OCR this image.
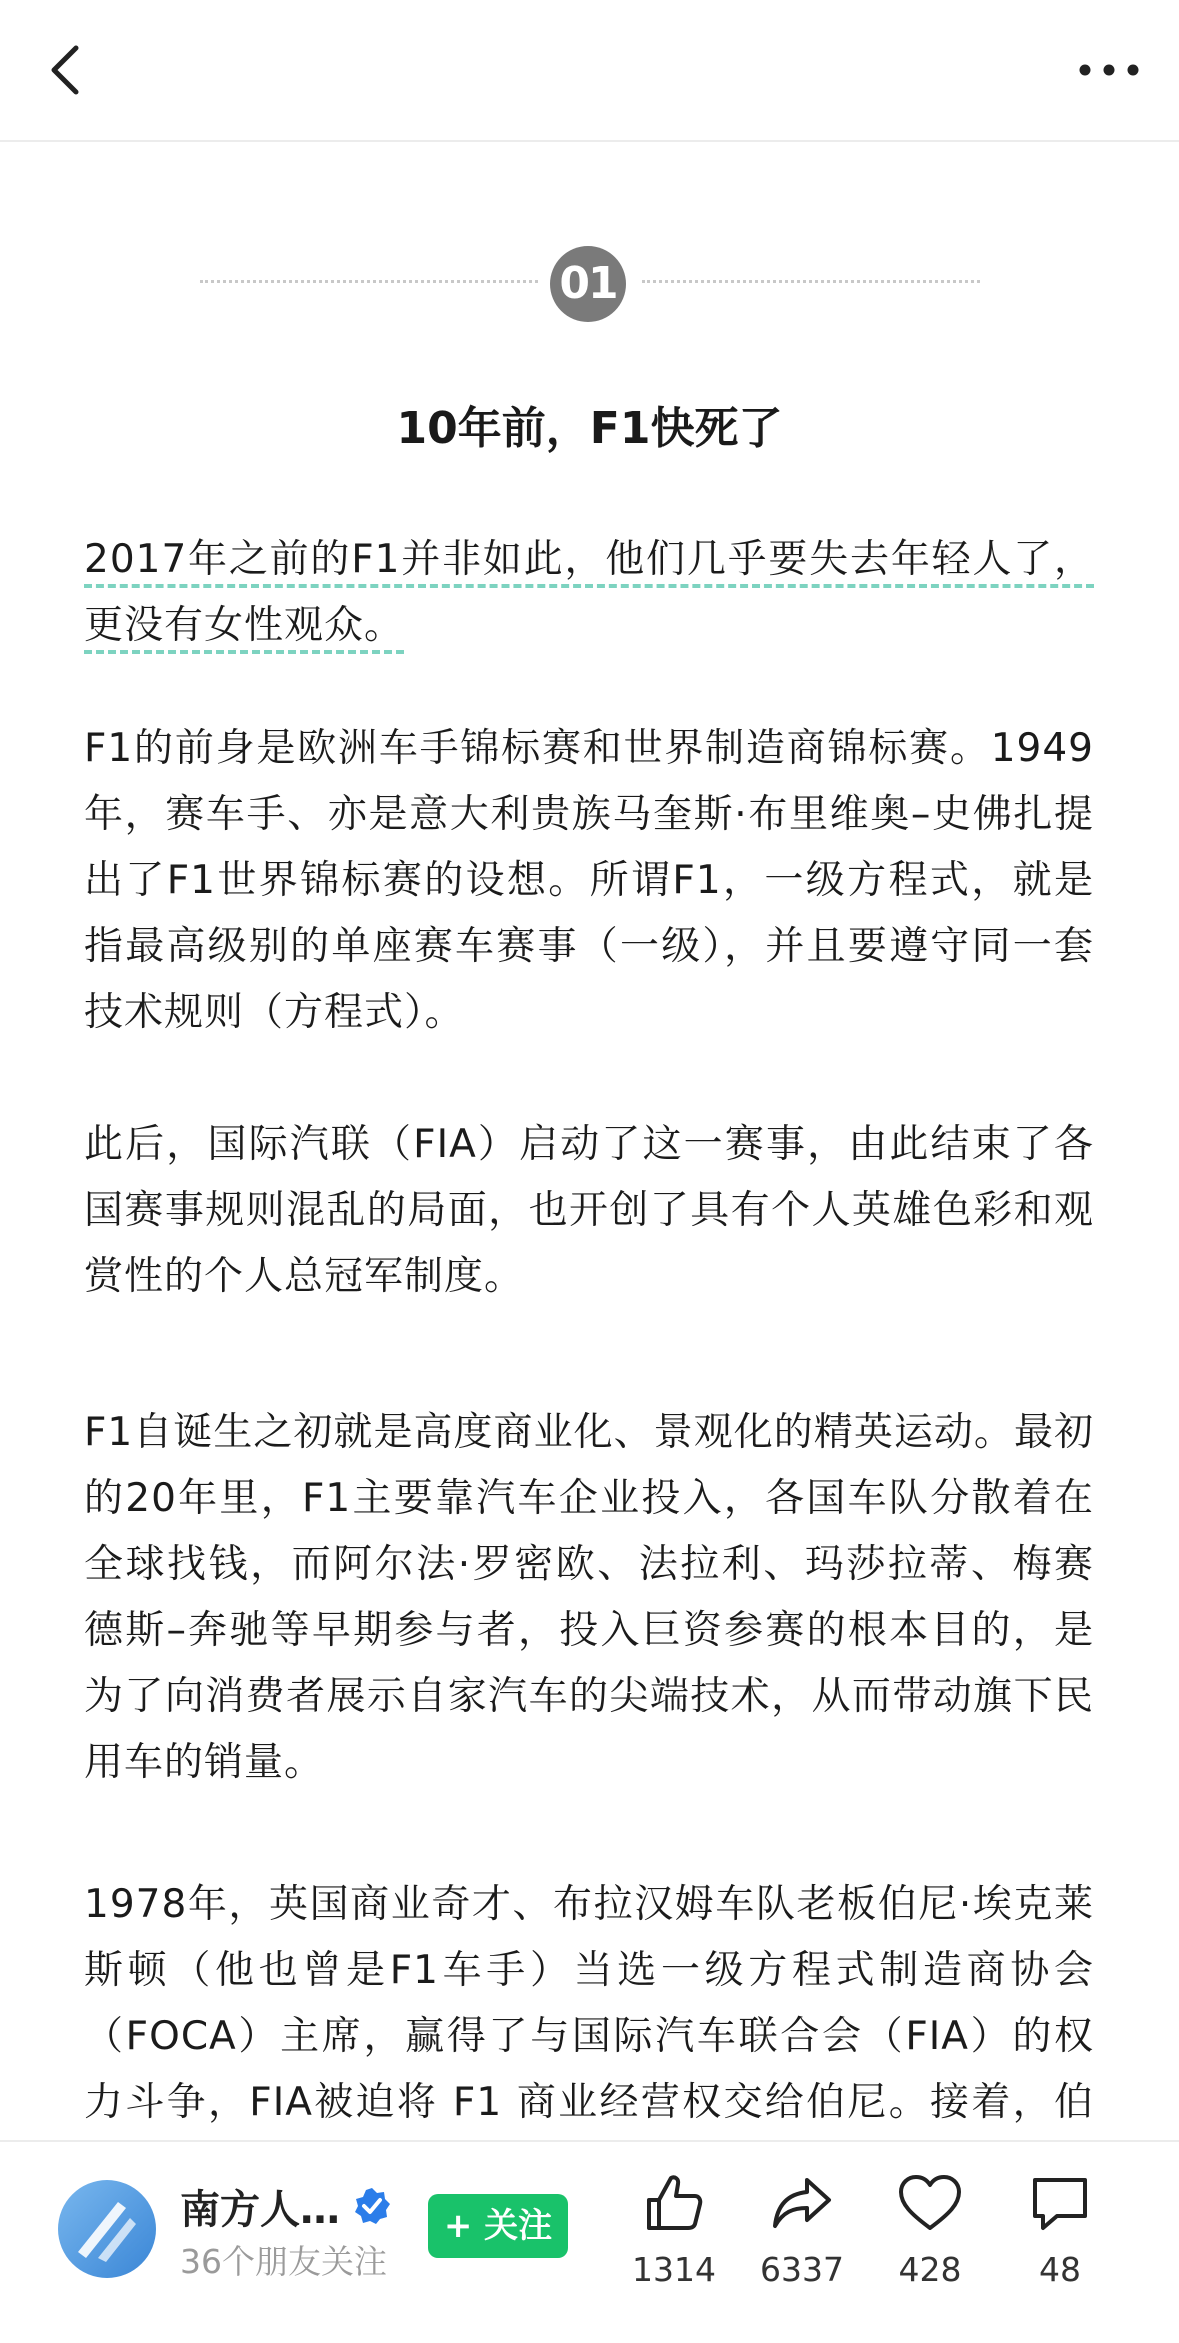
01
10年前，F1快死了

2017年之前的F1并非如此，他们几乎要失去年轻人了，更没有女性观众。

F1的前身是欧洲车手锦标赛和世界制造商锦标赛。1949年，赛车手、亦是意大利贵族马奎斯·布里维奥–史佛扎提出了F1世界锦标赛的设想。所谓F1，一级方程式，就是指最高级别的单座赛车赛事（一级），并且要遵守同一套技术规则（方程式）。

此后，国际汽联（FIA）启动了这一赛事，由此结束了各国赛事规则混乱的局面，也开创了具有个人英雄色彩和观赏性的个人总冠军制度。

F1自诞生之初就是高度商业化、景观化的精英运动。最初的20年里，F1主要靠汽车企业投入，各国车队分散着在全球找钱，而阿尔法·罗密欧、法拉利、玛莎拉蒂、梅赛德斯–奔驰等早期参与者，投入巨资参赛的根本目的，是为了向消费者展示自家汽车的尖端技术，从而带动旗下民用车的销量。

1978年，英国商业奇才、布拉汉姆车队老板伯尼·埃克莱斯顿（他也曾是F1车手）当选一级方程式制造商协会（FOCA）主席，赢得了与国际汽车联合会（FIA）的权力斗争，FIA被迫将 F1 商业经营权交给伯尼。接着，伯

南方人…
36个朋友关注
+ 关注
1314	6337	428	48
